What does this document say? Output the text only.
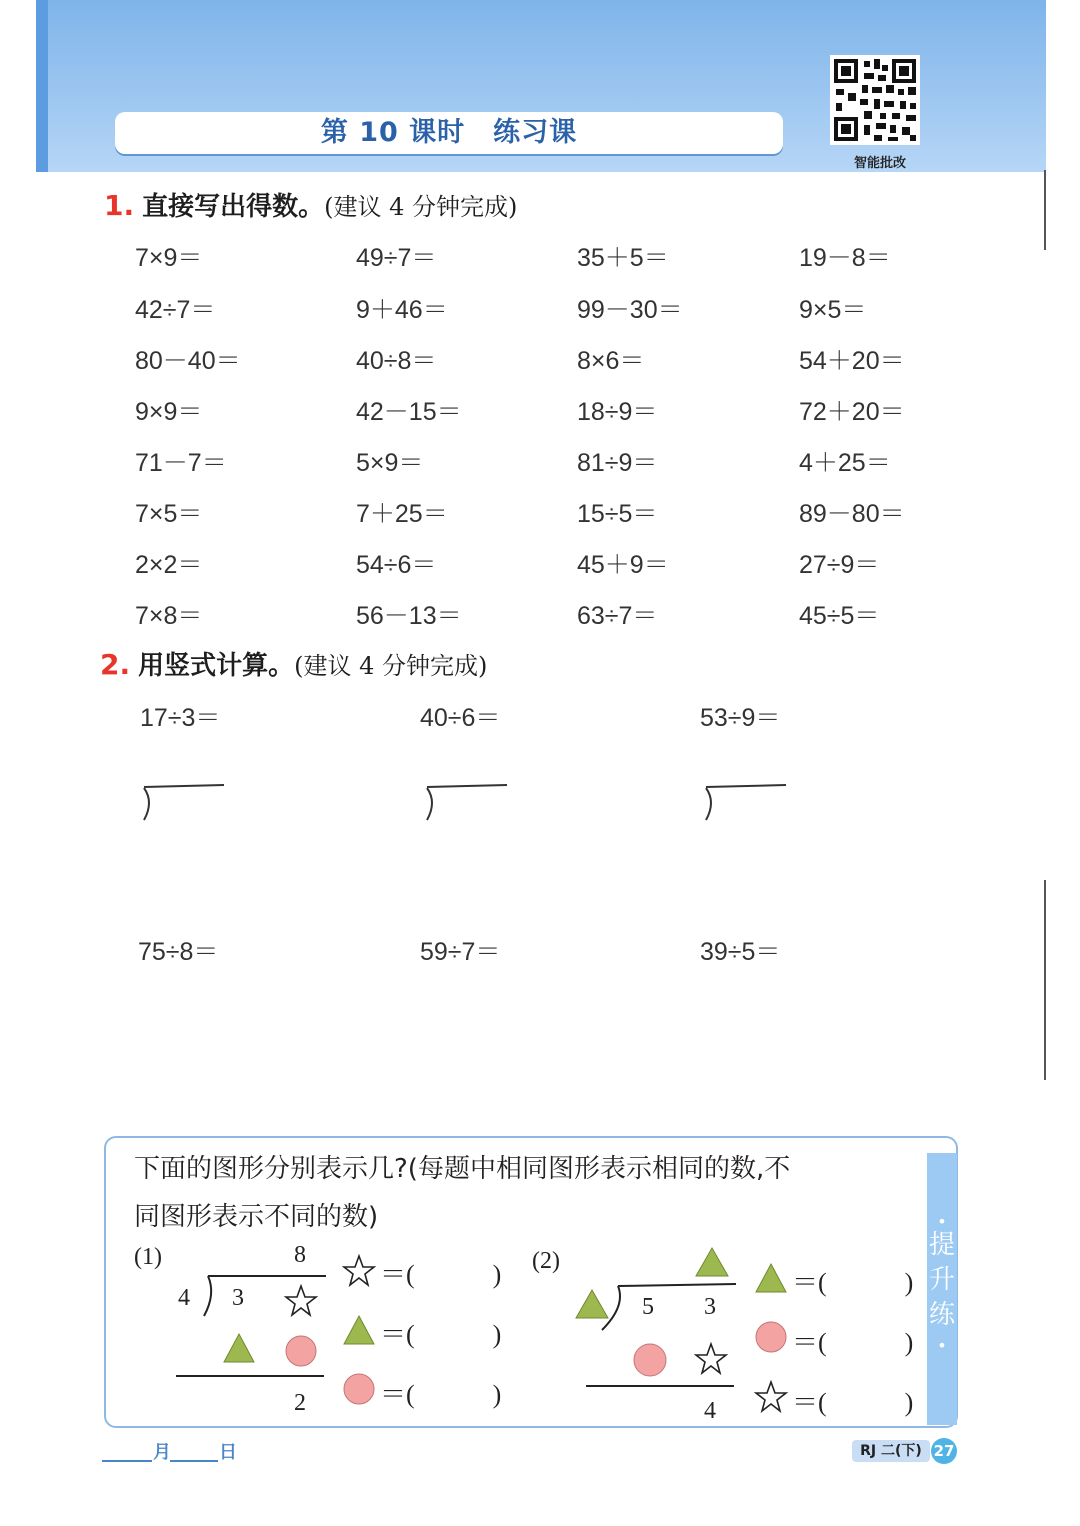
第 10 课时　练习课
智能批改
1. 直接写出得数。(建议 4 分钟完成)
7×9＝	49÷7＝	35＋5＝	19－8＝
42÷7＝	9＋46＝	99－30＝	9×5＝
80－40＝	40÷8＝	8×6＝	54＋20＝
9×9＝	42－15＝	18÷9＝	72＋20＝
71－7＝	5×9＝	81÷9＝	4＋25＝
7×5＝	7＋25＝	15÷5＝	89－80＝
2×2＝	54÷6＝	45＋9＝	27÷9＝
7×8＝	56－13＝	63÷7＝	45÷5＝
2. 用竖式计算。(建议 4 分钟完成)
17÷3＝	40÷6＝	53÷9＝
75÷8＝	59÷7＝	39÷5＝
•
提
升
练
•
下面的图形分别表示几?(每题中相同图形表示相同的数,不
同图形表示不同的数)
(1)	8
4 3
2
＝(　　　)
＝(　　　)
＝(　　　)
(2)
5 3
4
＝(　　　)
＝(　　　)
＝(　　　)
月	日	RJ 二(下) 27
